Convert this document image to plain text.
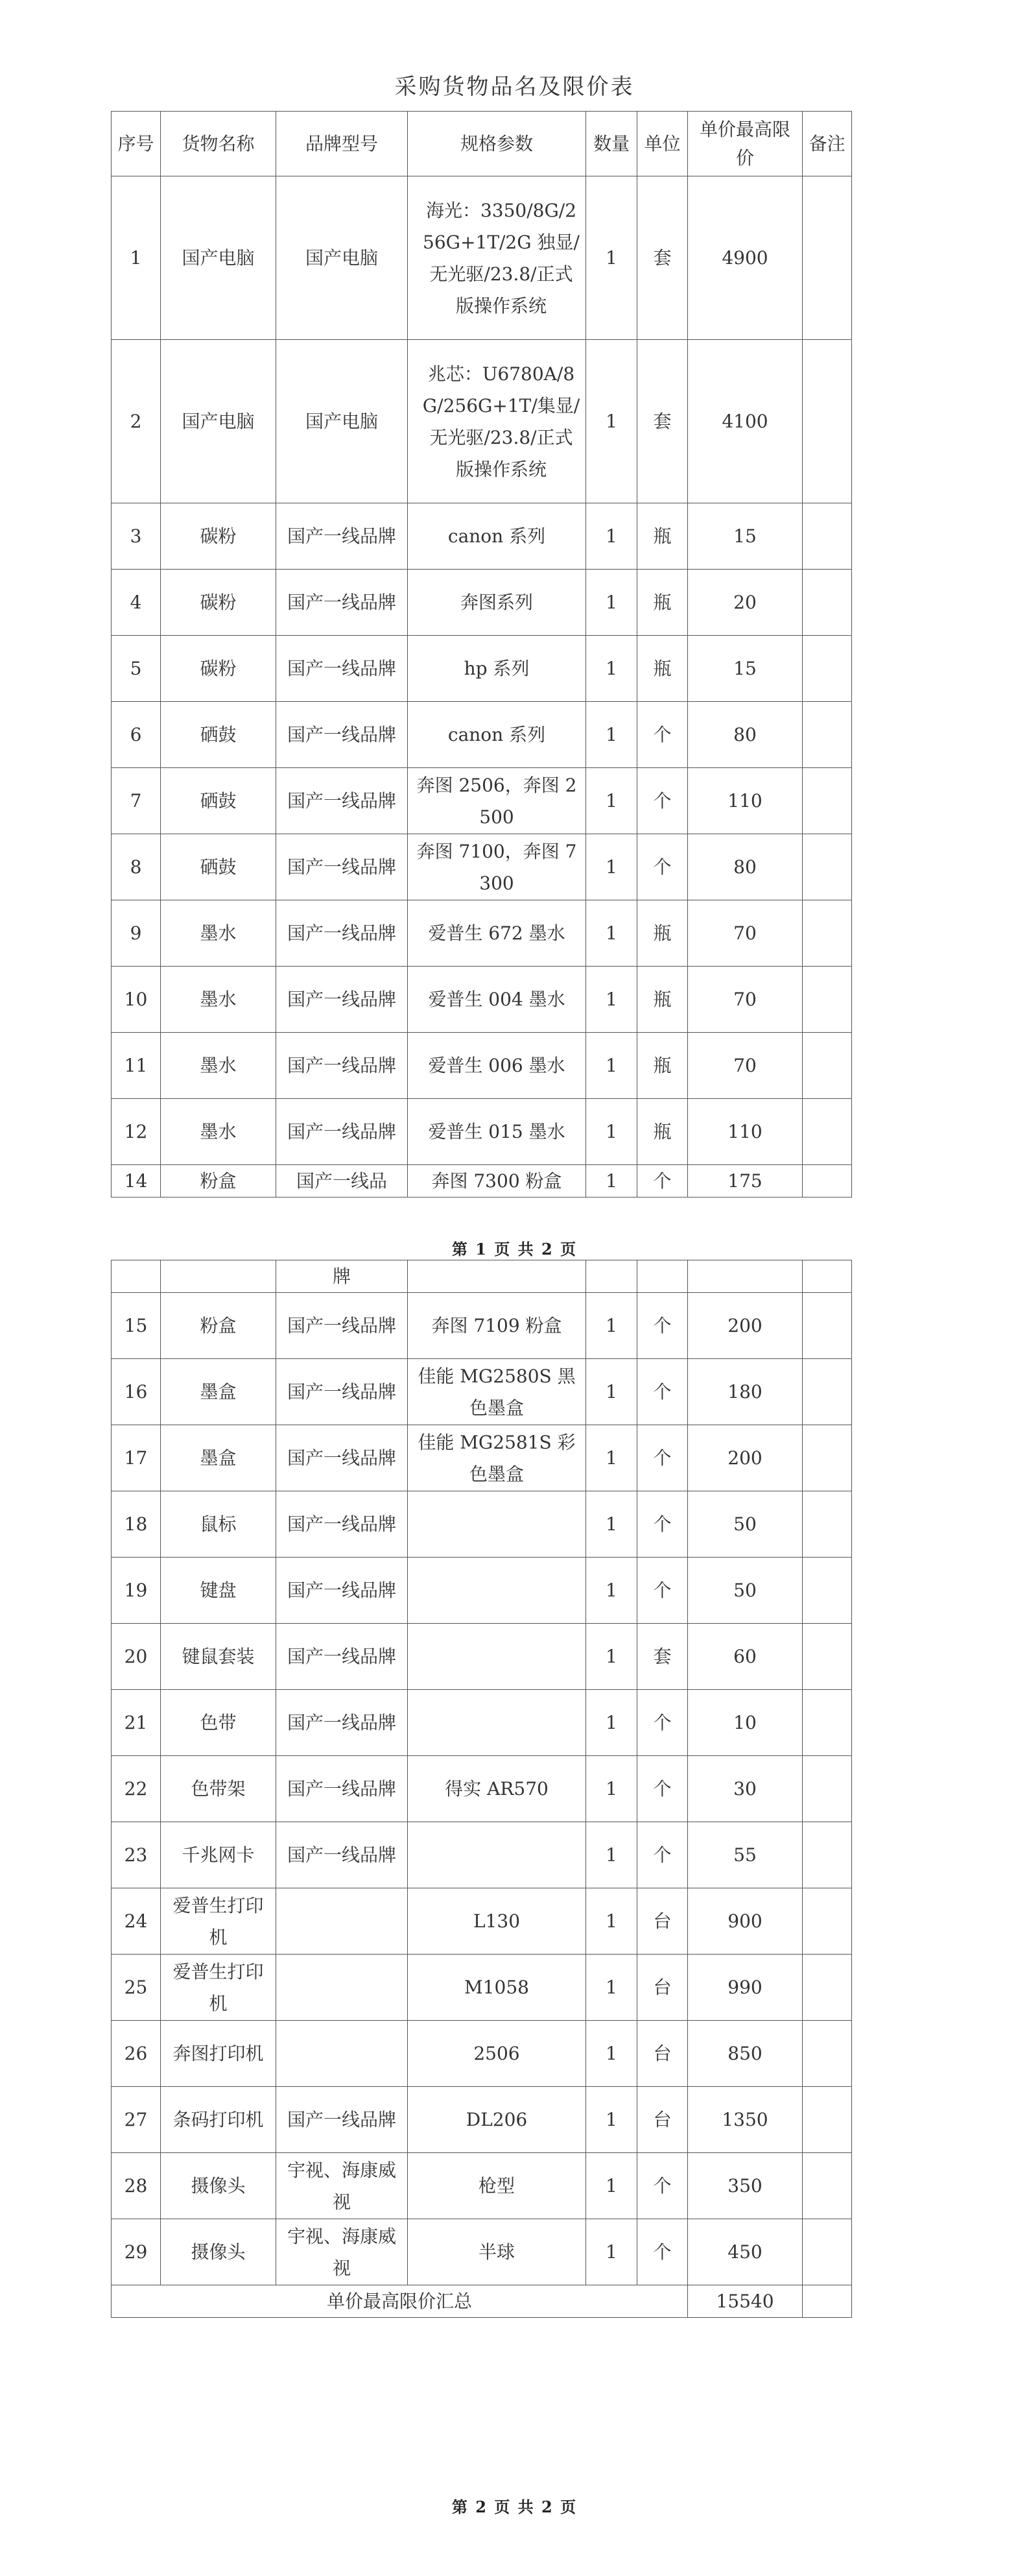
采购货物品名及限价表
序号	货物名称	品牌型号	规格参数	数量	单位	单价最高限价	备注
1	国产电脑	国产电脑	海光：3350/8G/256G+1T/2G 独显/无光驱/23.8/正式版操作系统	1	套	4900	
2	国产电脑	国产电脑	兆芯：U6780A/8G/256G+1T/集显/无光驱/23.8/正式版操作系统	1	套	4100	
3	碳粉	国产一线品牌	canon 系列	1	瓶	15	
4	碳粉	国产一线品牌	奔图系列	1	瓶	20	
5	碳粉	国产一线品牌	hp 系列	1	瓶	15	
6	硒鼓	国产一线品牌	canon 系列	1	个	80	
7	硒鼓	国产一线品牌	奔图 2506，奔图 2500	1	个	110	
8	硒鼓	国产一线品牌	奔图 7100，奔图 7300	1	个	80	
9	墨水	国产一线品牌	爱普生 672 墨水	1	瓶	70	
10	墨水	国产一线品牌	爱普生 004 墨水	1	瓶	70	
11	墨水	国产一线品牌	爱普生 006 墨水	1	瓶	70	
12	墨水	国产一线品牌	爱普生 015 墨水	1	瓶	110	
14	粉盒	国产一线品	奔图 7300 粉盒	1	个	175	
第 1 页 共 2 页
		牌					
15	粉盒	国产一线品牌	奔图 7109 粉盒	1	个	200	
16	墨盒	国产一线品牌	佳能 MG2580S 黑色墨盒	1	个	180	
17	墨盒	国产一线品牌	佳能 MG2581S 彩色墨盒	1	个	200	
18	鼠标	国产一线品牌		1	个	50	
19	键盘	国产一线品牌		1	个	50	
20	键鼠套装	国产一线品牌		1	套	60	
21	色带	国产一线品牌		1	个	10	
22	色带架	国产一线品牌	得实 AR570	1	个	30	
23	千兆网卡	国产一线品牌		1	个	55	
24	爱普生打印机		L130	1	台	900	
25	爱普生打印机		M1058	1	台	990	
26	奔图打印机		2506	1	台	850	
27	条码打印机	国产一线品牌	DL206	1	台	1350	
28	摄像头	宇视、海康威视	枪型	1	个	350	
29	摄像头	宇视、海康威视	半球	1	个	450	
单价最高限价汇总						15540	
第 2 页 共 2 页
